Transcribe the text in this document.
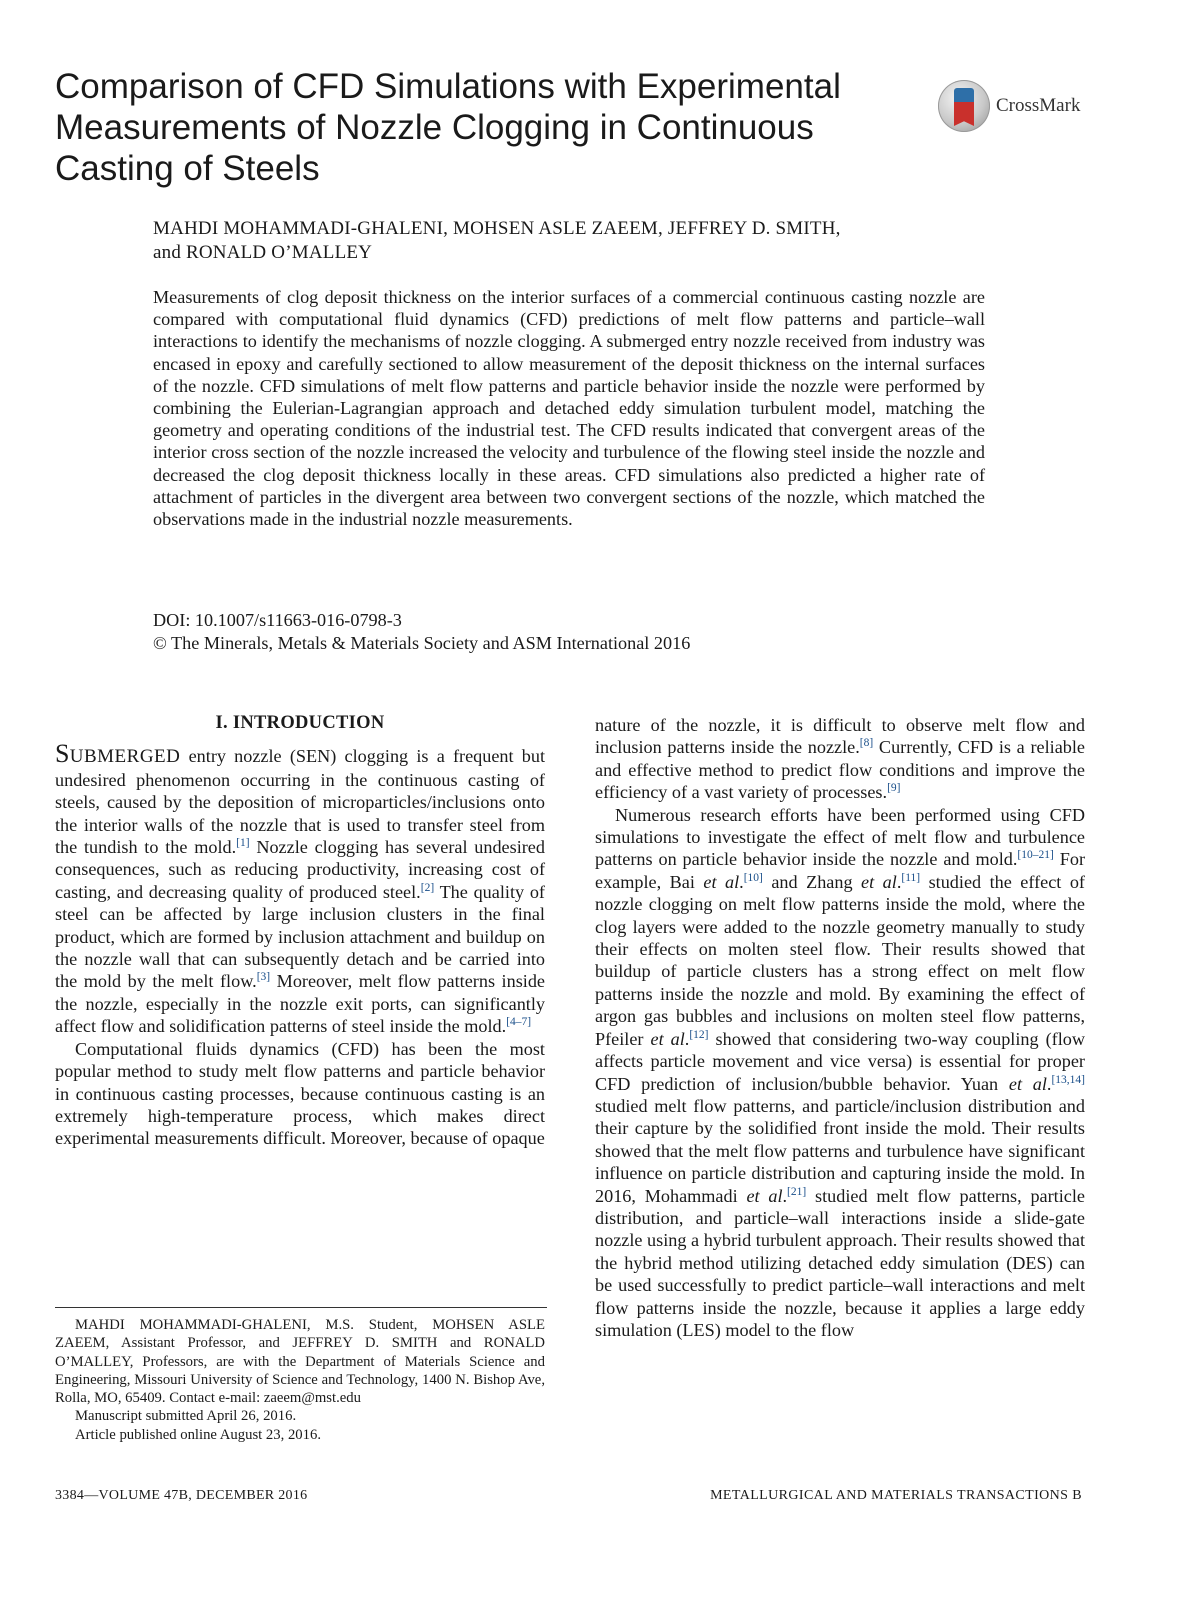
Comparison of CFD Simulations with Experimental Measurements of Nozzle Clogging in Continuous Casting of Steels
CrossMark
MAHDI MOHAMMADI-GHALENI, MOHSEN ASLE ZAEEM, JEFFREY D. SMITH,
and RONALD O’MALLEY

Measurements of clog deposit thickness on the interior surfaces of a commercial continuous casting nozzle are compared with computational fluid dynamics (CFD) predictions of melt flow patterns and particle–wall interactions to identify the mechanisms of nozzle clogging. A submerged entry nozzle received from industry was encased in epoxy and carefully sectioned to allow measurement of the deposit thickness on the internal surfaces of the nozzle. CFD simulations of melt flow patterns and particle behavior inside the nozzle were performed by combining the Eulerian-Lagrangian approach and detached eddy simulation turbulent model, matching the geometry and operating conditions of the industrial test. The CFD results indicated that convergent areas of the interior cross section of the nozzle increased the velocity and turbulence of the flowing steel inside the nozzle and decreased the clog deposit thickness locally in these areas. CFD simulations also predicted a higher rate of attachment of particles in the divergent area between two convergent sections of the nozzle, which matched the observations made in the industrial nozzle measurements.

DOI: 10.1007/s11663-016-0798-3
© The Minerals, Metals & Materials Society and ASM International 2016
I. INTRODUCTION

SUBMERGED entry nozzle (SEN) clogging is a frequent but undesired phenomenon occurring in the continuous casting of steels, caused by the deposition of microparticles/inclusions onto the interior walls of the nozzle that is used to transfer steel from the tundish to the mold.[1] Nozzle clogging has several undesired consequences, such as reducing productivity, increasing cost of casting, and decreasing quality of produced steel.[2] The quality of steel can be affected by large inclusion clusters in the final product, which are formed by inclusion attachment and buildup on the nozzle wall that can subsequently detach and be carried into the mold by the melt flow.[3] Moreover, melt flow patterns inside the nozzle, especially in the nozzle exit ports, can significantly affect flow and solidification patterns of steel inside the mold.[4–7]

Computational fluids dynamics (CFD) has been the most popular method to study melt flow patterns and particle behavior in continuous casting processes, because continuous casting is an extremely high-temperature process, which makes direct experimental measurements difficult. Moreover, because of opaque

nature of the nozzle, it is difficult to observe melt flow and inclusion patterns inside the nozzle.[8] Currently, CFD is a reliable and effective method to predict flow conditions and improve the efficiency of a vast variety of processes.[9]

Numerous research efforts have been performed using CFD simulations to investigate the effect of melt flow and turbulence patterns on particle behavior inside the nozzle and mold.[10–21] For example, Bai et al.[10] and Zhang et al.[11] studied the effect of nozzle clogging on melt flow patterns inside the mold, where the clog layers were added to the nozzle geometry manually to study their effects on molten steel flow. Their results showed that buildup of particle clusters has a strong effect on melt flow patterns inside the nozzle and mold. By examining the effect of argon gas bubbles and inclusions on molten steel flow patterns, Pfeiler et al.[12] showed that considering two-way coupling (flow affects particle movement and vice versa) is essential for proper CFD prediction of inclusion/bubble behavior. Yuan et al.[13,14] studied melt flow patterns, and particle/inclusion distribution and their capture by the solidified front inside the mold. Their results showed that the melt flow patterns and turbulence have significant influence on particle distribution and capturing inside the mold. In 2016, Mohammadi et al.[21] studied melt flow patterns, particle distribution, and particle–wall interactions inside a slide-gate nozzle using a hybrid turbulent approach. Their results showed that the hybrid method utilizing detached eddy simulation (DES) can be used successfully to predict particle–wall interactions and melt flow patterns inside the nozzle, because it applies a large eddy simulation (LES) model to the flow

MAHDI MOHAMMADI-GHALENI, M.S. Student, MOHSEN ASLE ZAEEM, Assistant Professor, and JEFFREY D. SMITH and RONALD O’MALLEY, Professors, are with the Department of Materials Science and Engineering, Missouri University of Science and Technology, 1400 N. Bishop Ave, Rolla, MO, 65409. Contact e-mail: zaeem@mst.edu

Manuscript submitted April 26, 2016.

Article published online August 23, 2016.

3384—VOLUME 47B, DECEMBER 2016	METALLURGICAL AND MATERIALS TRANSACTIONS B
